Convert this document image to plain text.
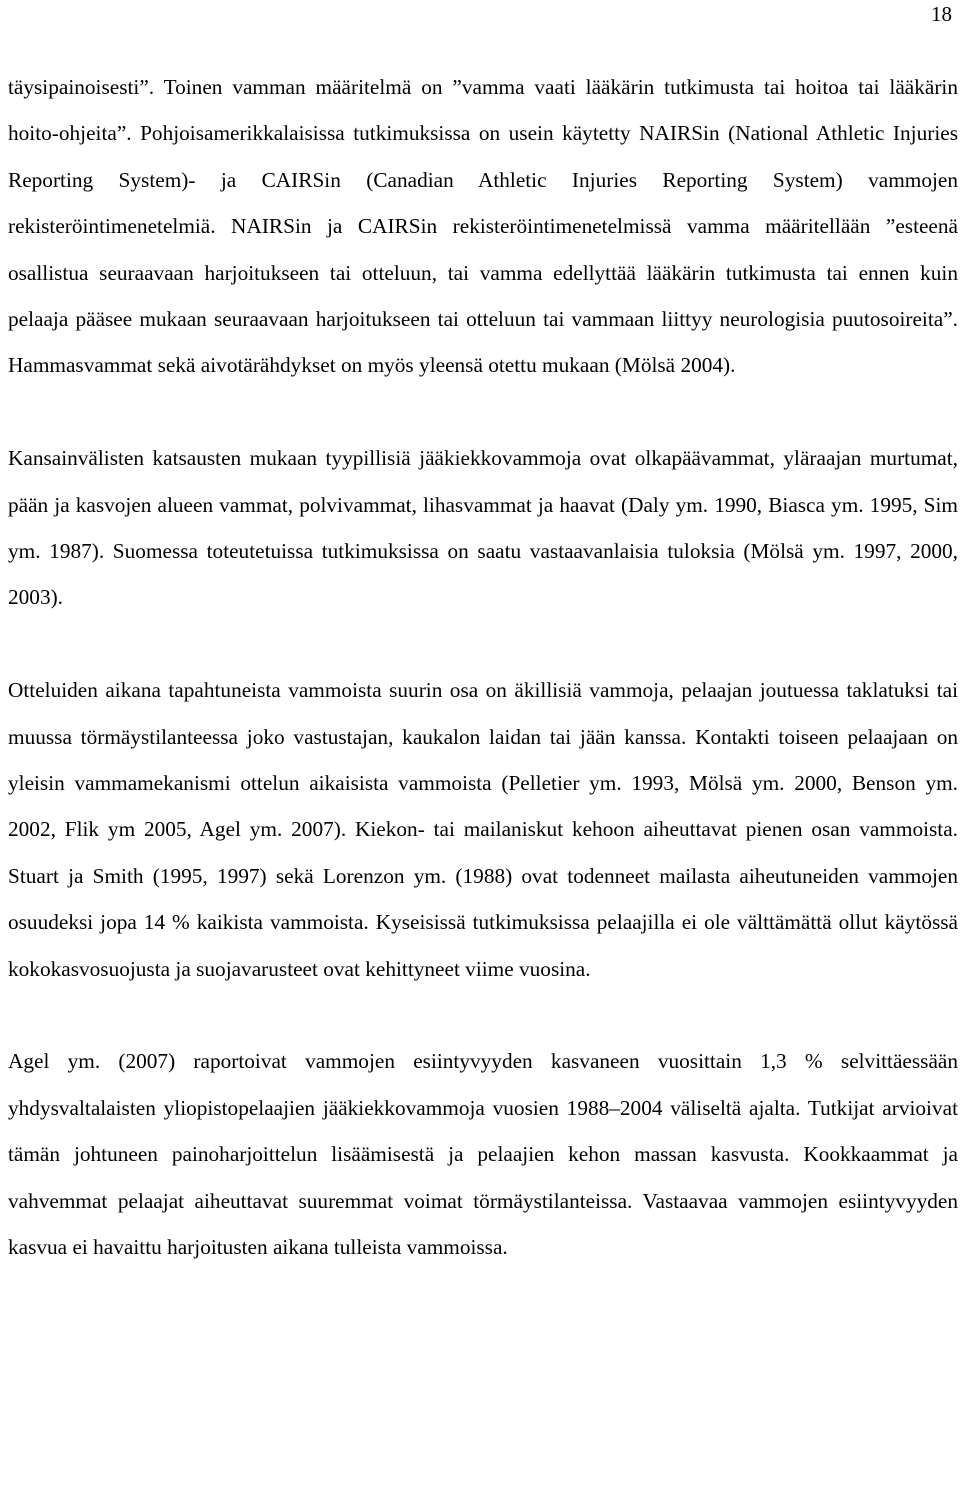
18

täysipainoisesti”. Toinen vamman määritelmä on ”vamma vaati lääkärin tutkimusta tai hoitoa tai lääkärin hoito-ohjeita”. Pohjoisamerikkalaisissa tutkimuksissa on usein käytetty NAIRSin (National Athletic Injuries Reporting System)- ja CAIRSin (Canadian Athletic Injuries Reporting System) vammojen rekisteröintimenetelmiä. NAIRSin ja CAIRSin rekisteröintimenetelmissä vamma määritellään ”esteenä osallistua seuraavaan harjoitukseen tai otteluun, tai vamma edellyttää lääkärin tutkimusta tai ennen kuin pelaaja pääsee mukaan seuraavaan harjoitukseen tai otteluun tai vammaan liittyy neurologisia puutosoireita”. Hammasvammat sekä aivotärähdykset on myös yleensä otettu mukaan (Mölsä 2004).

Kansainvälisten katsausten mukaan tyypillisiä jääkiekkovammoja ovat olkapäävammat, yläraajan murtumat, pään ja kasvojen alueen vammat, polvivammat, lihasvammat ja haavat (Daly ym. 1990, Biasca ym. 1995, Sim ym. 1987). Suomessa toteutetuissa tutkimuksissa on saatu vastaavanlaisia tuloksia (Mölsä ym. 1997, 2000, 2003).

Otteluiden aikana tapahtuneista vammoista suurin osa on äkillisiä vammoja, pelaajan joutuessa taklatuksi tai muussa törmäystilanteessa joko vastustajan, kaukalon laidan tai jään kanssa. Kontakti toiseen pelaajaan on yleisin vammamekanismi ottelun aikaisista vammoista (Pelletier ym. 1993, Mölsä ym. 2000, Benson ym. 2002, Flik ym 2005, Agel ym. 2007). Kiekon- tai mailaniskut kehoon aiheuttavat pienen osan vammoista. Stuart ja Smith (1995, 1997) sekä Lorenzon ym. (1988) ovat todenneet mailasta aiheutuneiden vammojen osuudeksi jopa 14 % kaikista vammoista. Kyseisissä tutkimuksissa pelaajilla ei ole välttämättä ollut käytössä kokokasvosuojusta ja suojavarusteet ovat kehittyneet viime vuosina.

Agel ym. (2007) raportoivat vammojen esiintyvyyden kasvaneen vuosittain 1,3 % selvittäessään yhdysvaltalaisten yliopistopelaajien jääkiekkovammoja vuosien 1988–2004 väliseltä ajalta. Tutkijat arvioivat tämän johtuneen painoharjoittelun lisäämisestä ja pelaajien kehon massan kasvusta. Kookkaammat ja vahvemmat pelaajat aiheuttavat suuremmat voimat törmäystilanteissa. Vastaavaa vammojen esiintyvyyden kasvua ei havaittu harjoitusten aikana tulleista vammoissa.
